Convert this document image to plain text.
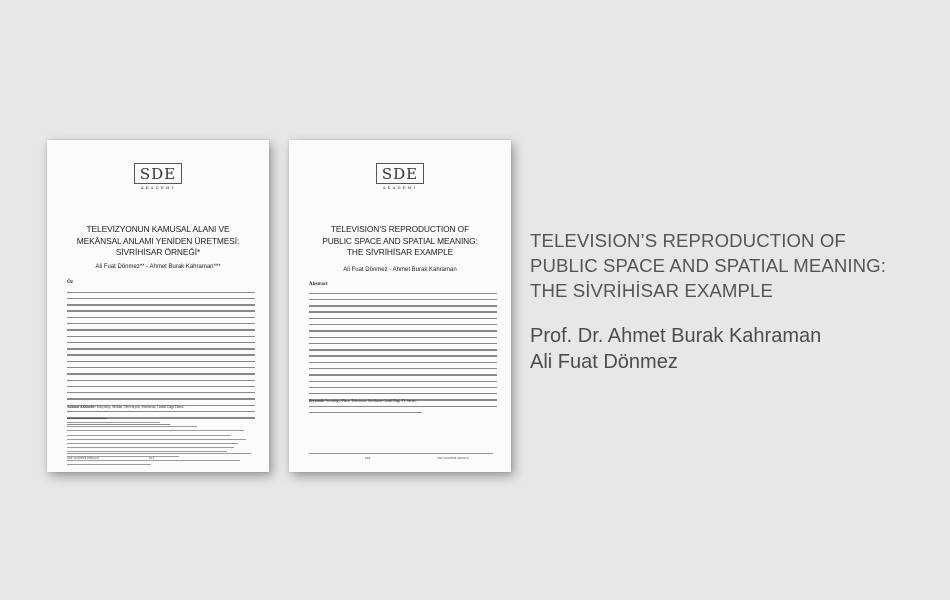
SDE
AKADEMİ

TELEVİZYONUN KAMUSAL ALANI VE
MEKÂNSAL ANLAMI YENİDEN ÜRETMESİ:
SİVRİHİSAR ÖRNEĞİ*
Ali Fuat Dönmez** - Ahmet Burak Kahraman***
Öz
Anahtar Kelimeler: Sosyoloji, Mekân, Televizyon, Sivrihisar, Gönül Dağı Dizisi.
SDE AKADEMİ DERGİSİ	627
SDE
AKADEMİ

TELEVISION’S REPRODUCTION OF
PUBLIC SPACE AND SPATIAL MEANING:
THE SİVRİHİSAR EXAMPLE
Ali Fuat Dönmez - Ahmet Burak Kahraman
Abstract
Keywords: Sociology, Place, Television, Sivrihisar, Gönül Dağı TV Series.
628	SDE AKADEMİ DERGİSİ
TELEVISION’S REPRODUCTION OF
PUBLIC SPACE AND SPATIAL MEANING:
THE SİVRİHİSAR EXAMPLE
Prof. Dr. Ahmet Burak Kahraman
Ali Fuat Dönmez
